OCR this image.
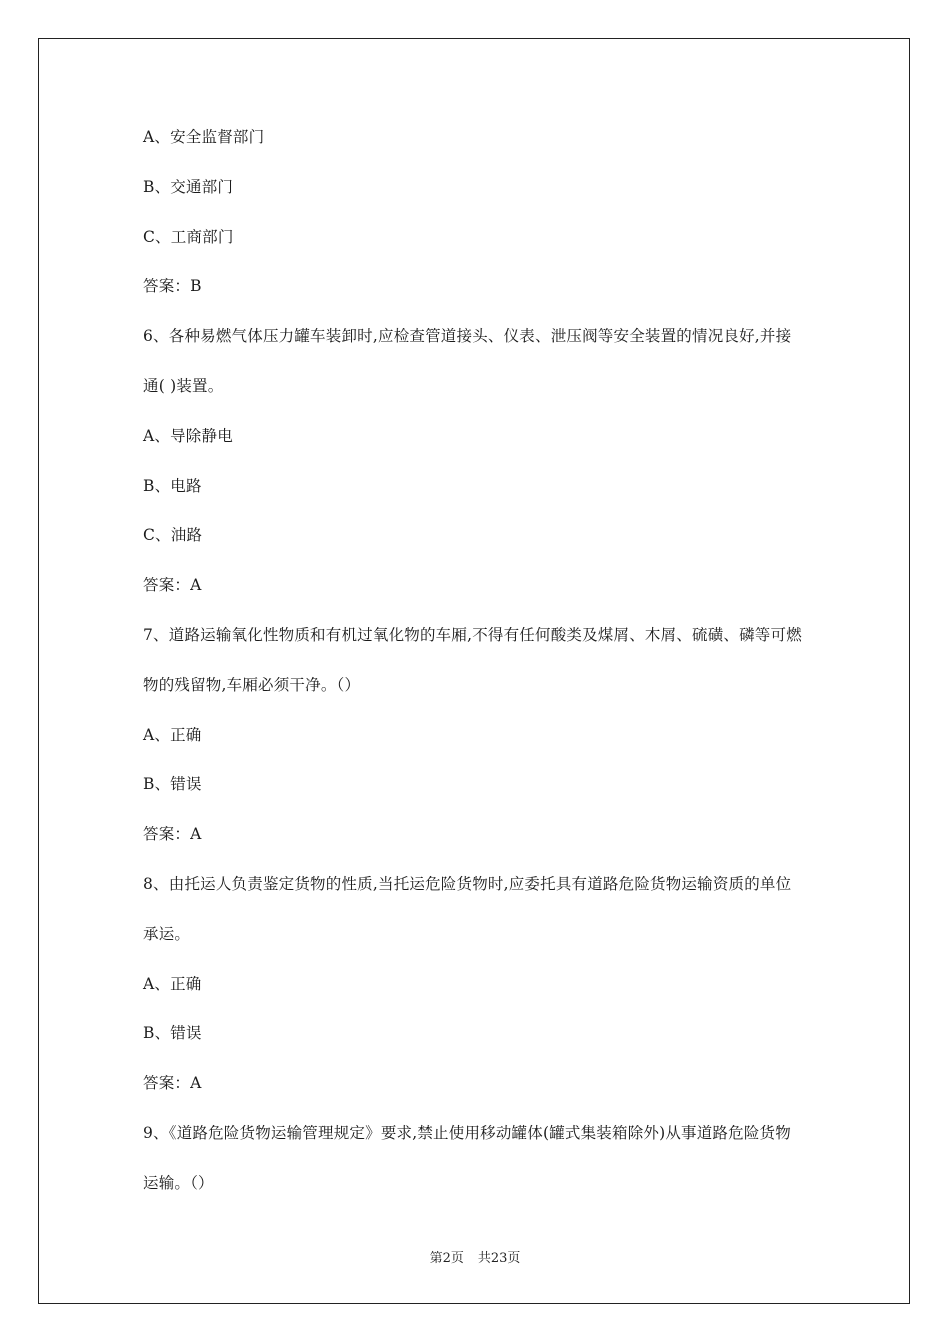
A、安全监督部门
B、交通部门
C、工商部门
答案：B
6、各种易燃气体压力罐车装卸时,应检查管道接头、仪表、泄压阀等安全装置的情况良好,并接
通( )装置。
A、导除静电
B、电路
C、油路
答案：A
7、道路运输氧化性物质和有机过氧化物的车厢,不得有任何酸类及煤屑、木屑、硫磺、磷等可燃
物的残留物,车厢必须干净。（）
A、正确
B、错误
答案：A
8、由托运人负责鉴定货物的性质,当托运危险货物时,应委托具有道路危险货物运输资质的单位
承运。
A、正确
B、错误
答案：A
9、《道路危险货物运输管理规定》要求,禁止使用移动罐体(罐式集装箱除外)从事道路危险货物
运输。（）
第2页 共23页
